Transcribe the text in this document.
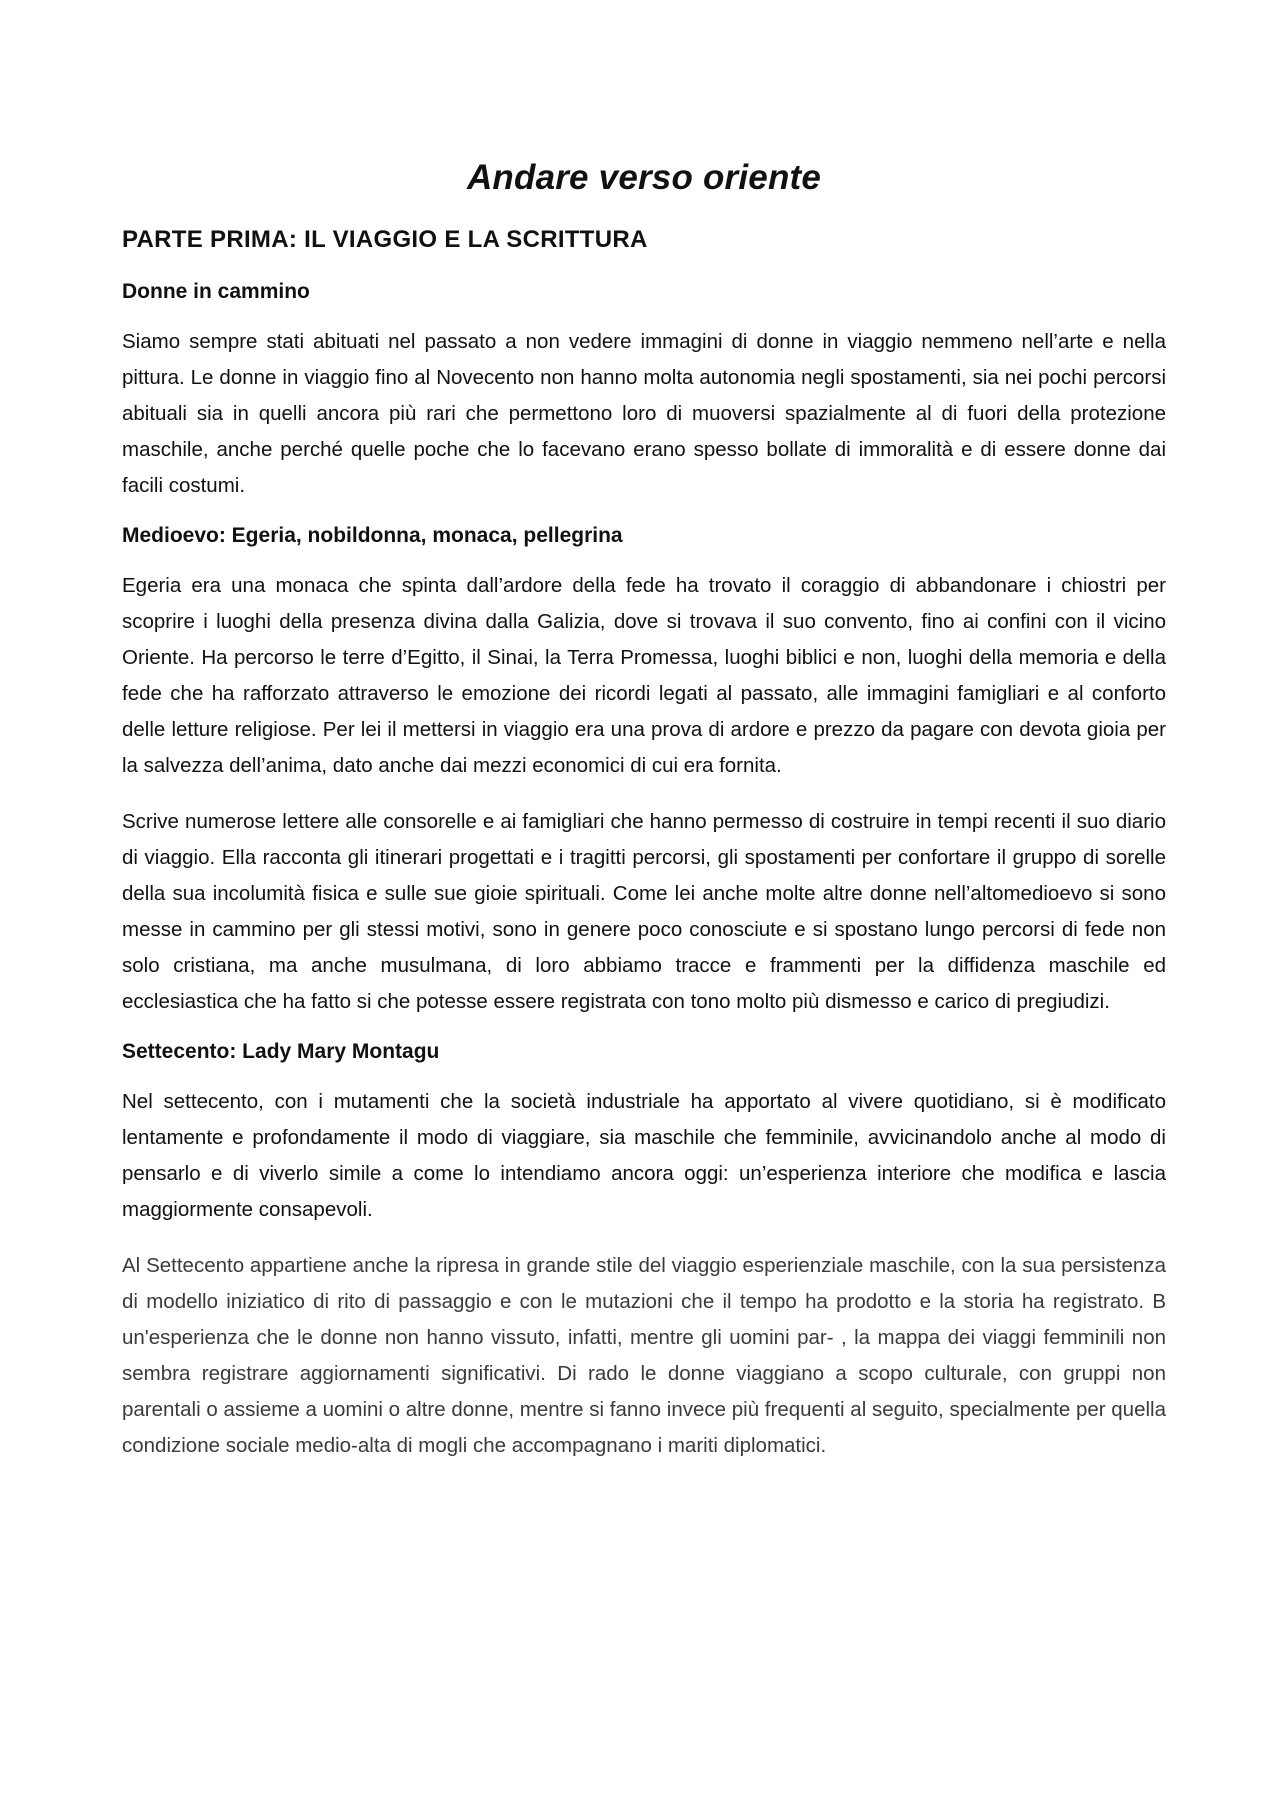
Andare verso oriente
PARTE PRIMA: IL VIAGGIO E LA SCRITTURA
Donne in cammino

Siamo sempre stati abituati nel passato a non vedere immagini di donne in viaggio nemmeno nell’arte e nella pittura. Le donne in viaggio fino al Novecento non hanno molta autonomia negli spostamenti, sia nei pochi percorsi abituali sia in quelli ancora più rari che permettono loro di muoversi spazialmente al di fuori della protezione maschile, anche perché quelle poche che lo facevano erano spesso bollate di immoralità e di essere donne dai facili costumi.

Medioevo: Egeria, nobildonna, monaca, pellegrina

Egeria era una monaca che spinta dall’ardore della fede ha trovato il coraggio di abbandonare i chiostri per scoprire i luoghi della presenza divina dalla Galizia, dove si trovava il suo convento, fino ai confini con il vicino Oriente. Ha percorso le terre d’Egitto, il Sinai, la Terra Promessa, luoghi biblici e non, luoghi della memoria e della fede che ha rafforzato attraverso le emozione dei ricordi legati al passato, alle immagini famigliari e al conforto delle letture religiose. Per lei il mettersi in viaggio era una prova di ardore e prezzo da pagare con devota gioia per la salvezza dell’anima, dato anche dai mezzi economici di cui era fornita.

Scrive numerose lettere alle consorelle e ai famigliari che hanno permesso di costruire in tempi recenti il suo diario di viaggio. Ella racconta gli itinerari progettati e i tragitti percorsi, gli spostamenti per confortare il gruppo di sorelle della sua incolumità fisica e sulle sue gioie spirituali. Come lei anche molte altre donne nell’altomedioevo si sono messe in cammino per gli stessi motivi, sono in genere poco conosciute e si spostano lungo percorsi di fede non solo cristiana, ma anche musulmana, di loro abbiamo tracce e frammenti per la diffidenza maschile ed ecclesiastica che ha fatto si che potesse essere registrata con tono molto più dismesso e carico di pregiudizi.

Settecento: Lady Mary Montagu

Nel settecento, con i mutamenti che la società industriale ha apportato al vivere quotidiano, si è modificato lentamente e profondamente il modo di viaggiare, sia maschile che femminile, avvicinandolo anche al modo di pensarlo e di viverlo simile a come lo intendiamo ancora oggi: un’esperienza interiore che modifica e lascia maggiormente consapevoli.

Al Settecento appartiene anche la ripresa in grande stile del viaggio esperienziale maschile, con la sua persistenza di modello iniziatico di rito di passaggio e con le mutazioni che il tempo ha prodotto e la storia ha registrato. B un'esperienza che le donne non hanno vissuto, infatti, mentre gli uomini par- , la mappa dei viaggi femminili non sembra registrare aggiornamenti significativi. Di rado le donne viaggiano a scopo culturale, con gruppi non parentali o assieme a uomini o altre donne, mentre si fanno invece più frequenti al seguito, specialmente per quella condizione sociale medio-alta di mogli che accompagnano i mariti diplomatici.
